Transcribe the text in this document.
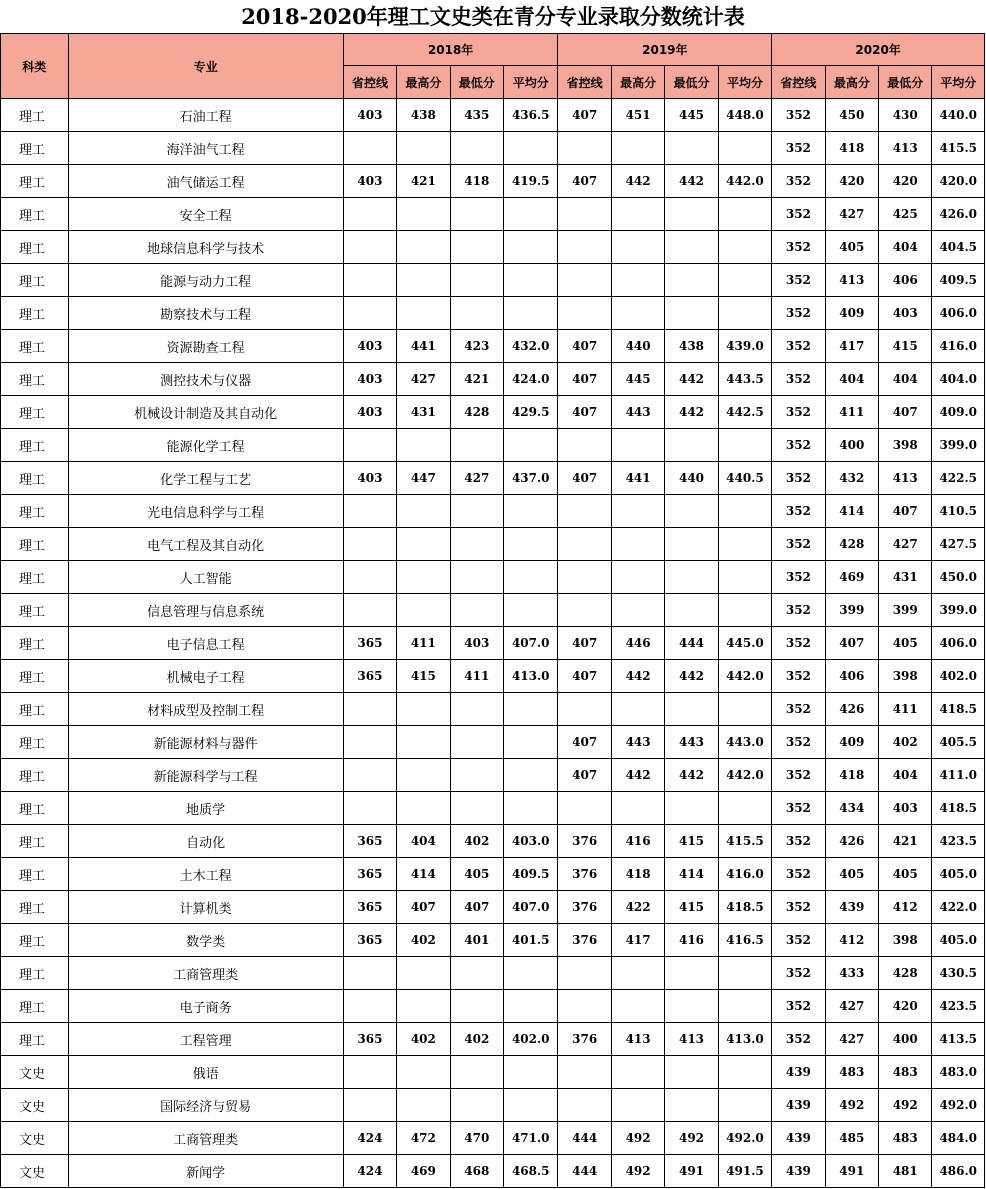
2018-2020年理工文史类在青分专业录取分数统计表
科类	专业	2018年				2019年				2020年			
		省控线	最高分	最低分	平均分	省控线	最高分	最低分	平均分	省控线	最高分	最低分	平均分
理工	石油工程	403	438	435	436.5	407	451	445	448.0	352	450	430	440.0
理工	海洋油气工程									352	418	413	415.5
理工	油气储运工程	403	421	418	419.5	407	442	442	442.0	352	420	420	420.0
理工	安全工程									352	427	425	426.0
理工	地球信息科学与技术									352	405	404	404.5
理工	能源与动力工程									352	413	406	409.5
理工	勘察技术与工程									352	409	403	406.0
理工	资源勘查工程	403	441	423	432.0	407	440	438	439.0	352	417	415	416.0
理工	测控技术与仪器	403	427	421	424.0	407	445	442	443.5	352	404	404	404.0
理工	机械设计制造及其自动化	403	431	428	429.5	407	443	442	442.5	352	411	407	409.0
理工	能源化学工程									352	400	398	399.0
理工	化学工程与工艺	403	447	427	437.0	407	441	440	440.5	352	432	413	422.5
理工	光电信息科学与工程									352	414	407	410.5
理工	电气工程及其自动化									352	428	427	427.5
理工	人工智能									352	469	431	450.0
理工	信息管理与信息系统									352	399	399	399.0
理工	电子信息工程	365	411	403	407.0	407	446	444	445.0	352	407	405	406.0
理工	机械电子工程	365	415	411	413.0	407	442	442	442.0	352	406	398	402.0
理工	材料成型及控制工程									352	426	411	418.5
理工	新能源材料与器件					407	443	443	443.0	352	409	402	405.5
理工	新能源科学与工程					407	442	442	442.0	352	418	404	411.0
理工	地质学									352	434	403	418.5
理工	自动化	365	404	402	403.0	376	416	415	415.5	352	426	421	423.5
理工	土木工程	365	414	405	409.5	376	418	414	416.0	352	405	405	405.0
理工	计算机类	365	407	407	407.0	376	422	415	418.5	352	439	412	422.0
理工	数学类	365	402	401	401.5	376	417	416	416.5	352	412	398	405.0
理工	工商管理类									352	433	428	430.5
理工	电子商务									352	427	420	423.5
理工	工程管理	365	402	402	402.0	376	413	413	413.0	352	427	400	413.5
文史	俄语									439	483	483	483.0
文史	国际经济与贸易									439	492	492	492.0
文史	工商管理类	424	472	470	471.0	444	492	492	492.0	439	485	483	484.0
文史	新闻学	424	469	468	468.5	444	492	491	491.5	439	491	481	486.0
